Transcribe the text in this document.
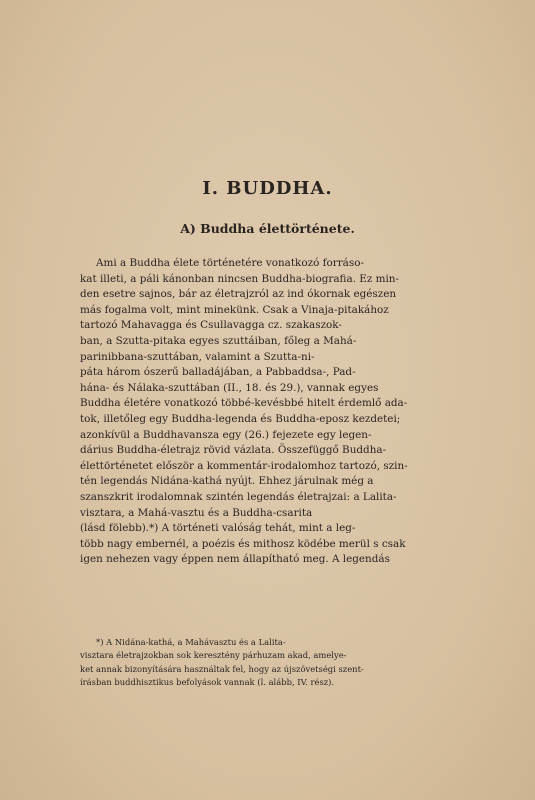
I. BUDDHA.
A) Buddha élettörténete.
Ami a Buddha élete történetére vonatkozó forráso-
kat illeti, a páli kánonban nincsen Buddha-biografia. Ez min-
den esetre sajnos, bár az életrajzról az ind ókornak egészen
más fogalma volt, mint minekünk. Csak a Vinaja-pitakához
tartozó Mahavagga és Csullavagga cz. szakaszok-
ban, a Szutta-pitaka egyes szuttáiban, főleg a Mahá-
parinibbana-szuttában, valamint a Szutta-ni-
páta három ószerű balladájában, a Pabbaddsa-, Pad-
hána- és Nálaka-szuttában (II., 18. és 29.), vannak egyes
Buddha életére vonatkozó többé-kevésbbé hitelt érdemlő ada-
tok, illetőleg egy Buddha-legenda és Buddha-eposz kezdetei;
azonkívül a Buddhavansza egy (26.) fejezete egy legen-
dárius Buddha-életrajz rövid vázlata. Összefüggő Buddha-
élettörténetet először a kommentár-irodalomhoz tartozó, szin-
tén legendás Nidána-kathá nyújt. Ehhez járulnak még a
szanszkrit irodalomnak szintén legendás életrajzai: a Lalita-
visztara, a Mahá-vasztu és a Buddha-csarita
(lásd fölebb).*) A történeti valóság tehát, mint a leg-
több nagy embernél, a poézis és mithosz ködébe merül s csak
igen nehezen vagy éppen nem állapítható meg. A legendás
*) A Nidána-kathá, a Mahávasztu és a Lalita-
visztara életrajzokban sok keresztény párhuzam akad, amelye-
ket annak bizonyítására használtak fel, hogy az újszövetségi szent-
írásban buddhisztikus befolyások vannak (l. alább, IV. rész).
